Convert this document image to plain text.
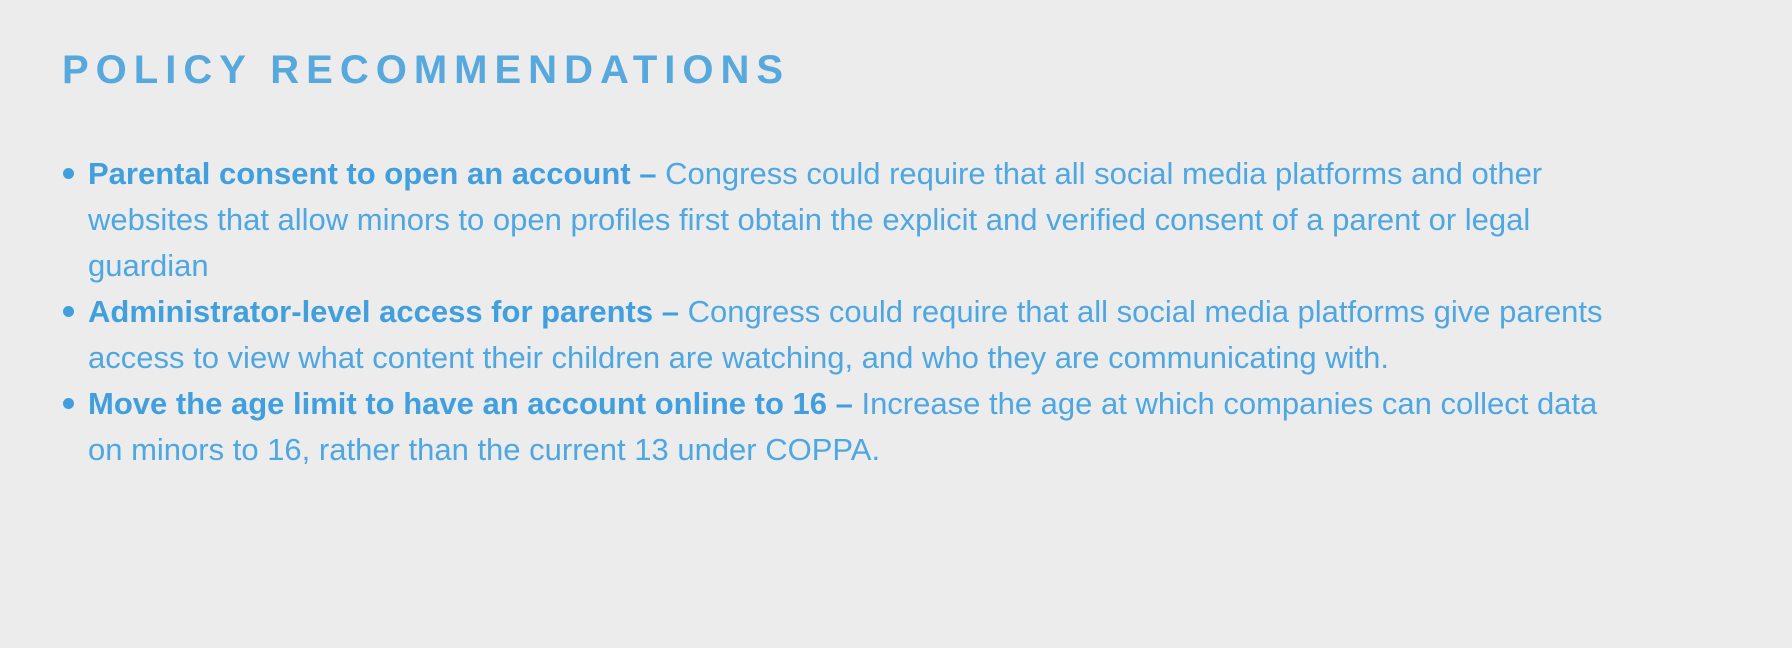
POLICY RECOMMENDATIONS
Parental consent to open an account – Congress could require that all social media platforms and other websites that allow minors to open profiles first obtain the explicit and verified consent of a parent or legal guardian
Administrator-level access for parents – Congress could require that all social media platforms give parents access to view what content their children are watching, and who they are communicating with.
Move the age limit to have an account online to 16 – Increase the age at which companies can collect data on minors to 16, rather than the current 13 under COPPA.
